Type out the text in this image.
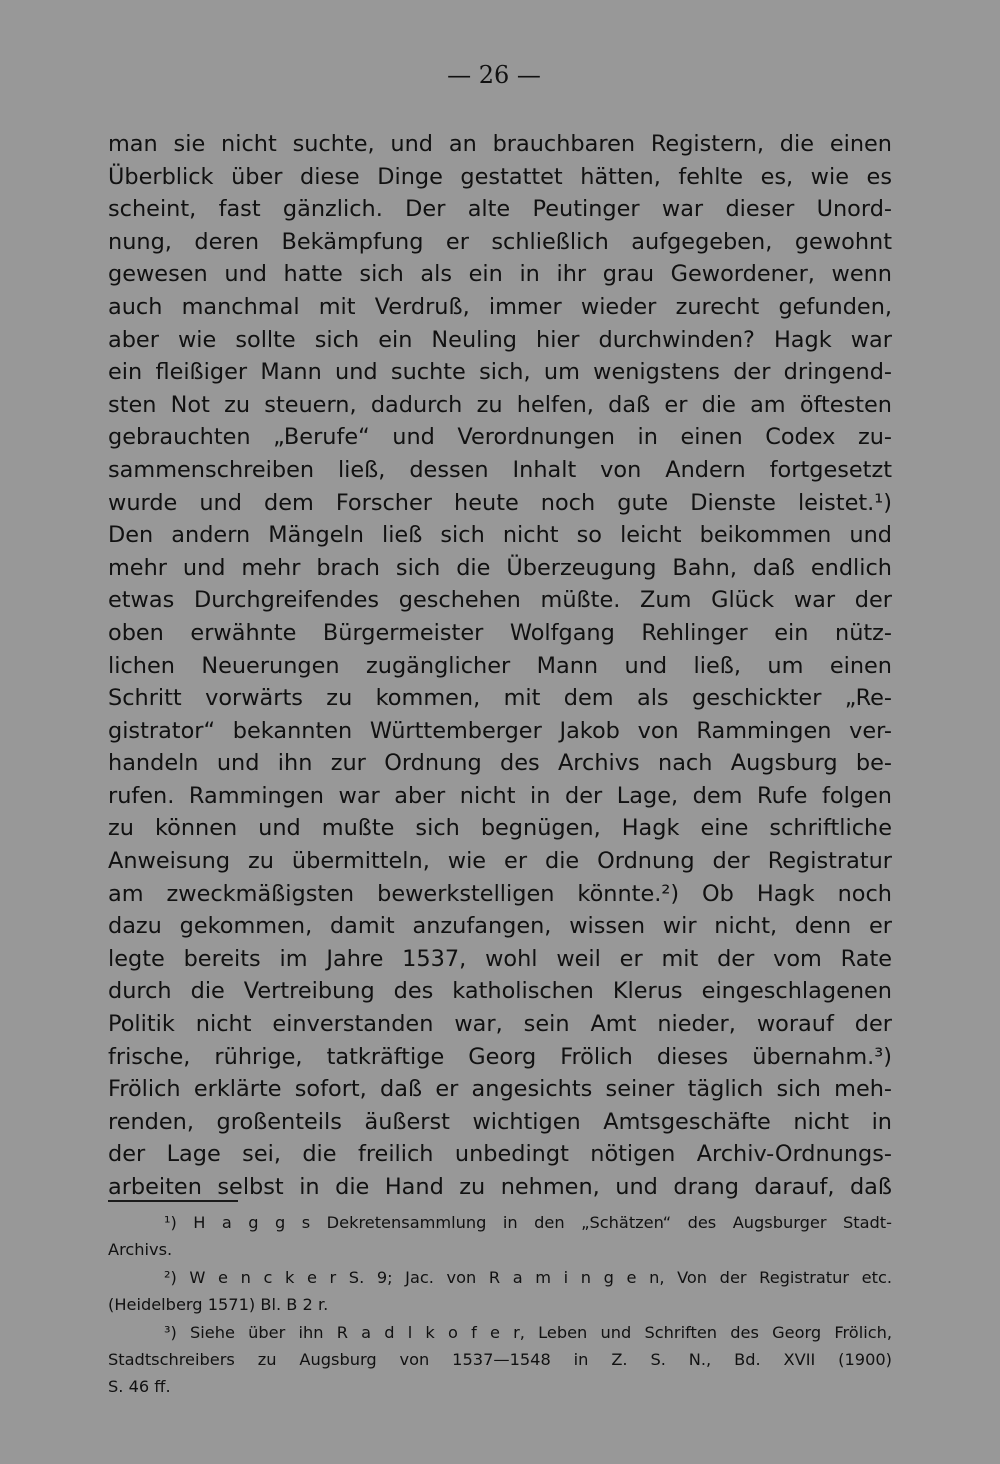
— 26 —
man sie nicht suchte, und an brauchbaren Registern, die einen
Überblick über diese Dinge gestattet hätten, fehlte es, wie es
scheint, fast gänzlich. Der alte Peutinger war dieser Unord-
nung, deren Bekämpfung er schließlich aufgegeben, gewohnt
gewesen und hatte sich als ein in ihr grau Gewordener, wenn
auch manchmal mit Verdruß, immer wieder zurecht gefunden,
aber wie sollte sich ein Neuling hier durchwinden? Hagk war
ein fleißiger Mann und suchte sich, um wenigstens der dringend-
sten Not zu steuern, dadurch zu helfen, daß er die am öftesten
gebrauchten „Berufe“ und Verordnungen in einen Codex zu-
sammenschreiben ließ, dessen Inhalt von Andern fortgesetzt
wurde und dem Forscher heute noch gute Dienste leistet.¹)
Den andern Mängeln ließ sich nicht so leicht beikommen und
mehr und mehr brach sich die Überzeugung Bahn, daß endlich
etwas Durchgreifendes geschehen müßte. Zum Glück war der
oben erwähnte Bürgermeister Wolfgang Rehlinger ein nütz-
lichen Neuerungen zugänglicher Mann und ließ, um einen
Schritt vorwärts zu kommen, mit dem als geschickter „Re-
gistrator“ bekannten Württemberger Jakob von Rammingen ver-
handeln und ihn zur Ordnung des Archivs nach Augsburg be-
rufen. Rammingen war aber nicht in der Lage, dem Rufe folgen
zu können und mußte sich begnügen, Hagk eine schriftliche
Anweisung zu übermitteln, wie er die Ordnung der Registratur
am zweckmäßigsten bewerkstelligen könnte.²) Ob Hagk noch
dazu gekommen, damit anzufangen, wissen wir nicht, denn er
legte bereits im Jahre 1537, wohl weil er mit der vom Rate
durch die Vertreibung des katholischen Klerus eingeschlagenen
Politik nicht einverstanden war, sein Amt nieder, worauf der
frische, rührige, tatkräftige Georg Frölich dieses übernahm.³)
Frölich erklärte sofort, daß er angesichts seiner täglich sich meh-
renden, großenteils äußerst wichtigen Amtsgeschäfte nicht in
der Lage sei, die freilich unbedingt nötigen Archiv-Ordnungs-
arbeiten selbst in die Hand zu nehmen, und drang darauf, daß
¹) H a g g s Dekretensammlung in den „Schätzen“ des Augsburger Stadt-
Archivs.
²) W e n c k e r S. 9; Jac. von R a m i n g e n, Von der Registratur etc.
(Heidelberg 1571) Bl. B 2 r.
³) Siehe über ihn R a d l k o f e r, Leben und Schriften des Georg Frölich,
Stadtschreibers zu Augsburg von 1537—1548 in Z. S. N., Bd. XVII (1900)
S. 46 ff.
